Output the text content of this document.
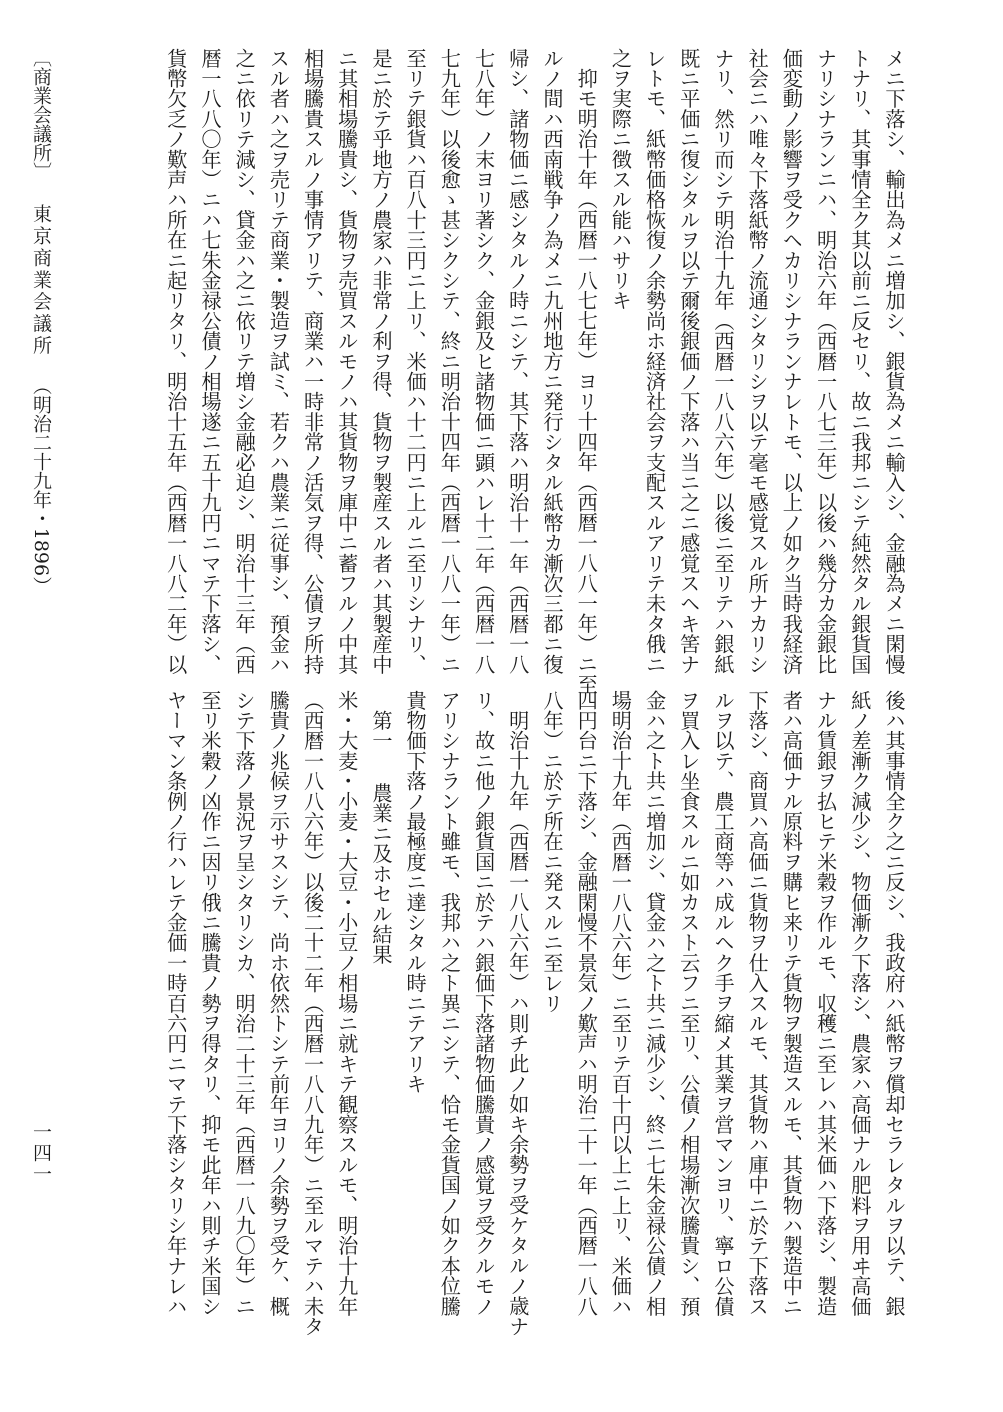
メニ下落シ、輸出為メニ増加シ、銀貨為メニ輸入シ、金融為メニ閑慢
トナリ、其事情全ク其以前ニ反セリ、故ニ我邦ニシテ純然タル銀貨国
ナリシナランニハ、明治六年（西暦一八七三年）以後ハ幾分カ金銀比
価変動ノ影響ヲ受クヘカリシナランナレトモ、以上ノ如ク当時我経済
社会ニハ唯々下落紙幣ノ流通シタリシヲ以テ毫モ感覚スル所ナカリシ
ナリ、然リ而シテ明治十九年（西暦一八八六年）以後ニ至リテハ銀紙
既ニ平価ニ復シタルヲ以テ爾後銀価ノ下落ハ当ニ之ニ感覚スヘキ筈ナ
レトモ、紙幣価格恢復ノ余勢尚ホ経済社会ヲ支配スルアリテ未タ俄ニ
之ヲ実際ニ徴スル能ハサリキ
抑モ明治十年（西暦一八七七年）ヨリ十四年（西暦一八八一年）ニ至
ルノ間ハ西南戦争ノ為メニ九州地方ニ発行シタル紙幣カ漸次三都ニ復
帰シ、諸物価ニ感シタルノ時ニシテ、其下落ハ明治十一年（西暦一八
七八年）ノ末ヨリ著シク、金銀及ヒ諸物価ニ顕ハレ十二年（西暦一八
七九年）以後愈ゝ甚シクシテ、終ニ明治十四年（西暦一八八一年）ニ
至リテ銀貨ハ百八十三円ニ上リ、米価ハ十二円ニ上ルニ至リシナリ、
是ニ於テ乎地方ノ農家ハ非常ノ利ヲ得、貨物ヲ製産スル者ハ其製産中
ニ其相場騰貴シ、貨物ヲ売買スルモノハ其貨物ヲ庫中ニ蓄フルノ中其
相場騰貴スルノ事情アリテ、商業ハ一時非常ノ活気ヲ得、公債ヲ所持
スル者ハ之ヲ売リテ商業・製造ヲ試ミ、若クハ農業ニ従事シ、預金ハ
之ニ依リテ減シ、貸金ハ之ニ依リテ増シ金融必迫シ、明治十三年（西
暦一八八〇年）ニハ七朱金禄公債ノ相場遂ニ五十九円ニマテ下落シ、
貨幣欠乏ノ歎声ハ所在ニ起リタリ、明治十五年（西暦一八八二年）以
後ハ其事情全ク之ニ反シ、我政府ハ紙幣ヲ償却セラレタルヲ以テ、銀
紙ノ差漸ク減少シ、物価漸ク下落シ、農家ハ高価ナル肥料ヲ用ヰ高価
ナル賃銀ヲ払ヒテ米穀ヲ作ルモ、収穫ニ至レハ其米価ハ下落シ、製造
者ハ高価ナル原料ヲ購ヒ来リテ貨物ヲ製造スルモ、其貨物ハ製造中ニ
下落シ、商買ハ高価ニ貨物ヲ仕入スルモ、其貨物ハ庫中ニ於テ下落ス
ルヲ以テ、農工商等ハ成ルヘク手ヲ縮メ其業ヲ営マンヨリ、寧ロ公債
ヲ買入レ坐食スルニ如カスト云フニ至リ、公債ノ相場漸次騰貴シ、預
金ハ之ト共ニ増加シ、貸金ハ之ト共ニ減少シ、終ニ七朱金禄公債ノ相
場明治十九年（西暦一八八六年）ニ至リテ百十円以上ニ上リ、米価ハ
四円台ニ下落シ、金融閑慢不景気ノ歎声ハ明治二十一年（西暦一八八
八年）ニ於テ所在ニ発スルニ至レリ
明治十九年（西暦一八八六年）ハ則チ此ノ如キ余勢ヲ受ケタルノ歳ナ
リ、故ニ他ノ銀貨国ニ於テハ銀価下落諸物価騰貴ノ感覚ヲ受クルモノ
アリシナラント雖モ、我邦ハ之ト異ニシテ、恰モ金貨国ノ如ク本位騰
貴物価下落ノ最極度ニ達シタル時ニテアリキ
第一農業ニ及ホセル結果
米・大麦・小麦・大豆・小豆ノ相場ニ就キテ観察スルモ、明治十九年
（西暦一八八六年）以後二十二年（西暦一八八九年）ニ至ルマテハ未タ
騰貴ノ兆候ヲ示サスシテ、尚ホ依然トシテ前年ヨリノ余勢ヲ受ケ、概
シテ下落ノ景況ヲ呈シタリシカ、明治二十三年（西暦一八九〇年）ニ
至リ米穀ノ凶作ニ因リ俄ニ騰貴ノ勢ヲ得タリ、抑モ此年ハ則チ米国シ
ヤーマン条例ノ行ハレテ金価一時百六円ニマテ下落シタリシ年ナレハ
〔商業会議所〕東京商業会議所（明治二十九年・1896）
一四一
